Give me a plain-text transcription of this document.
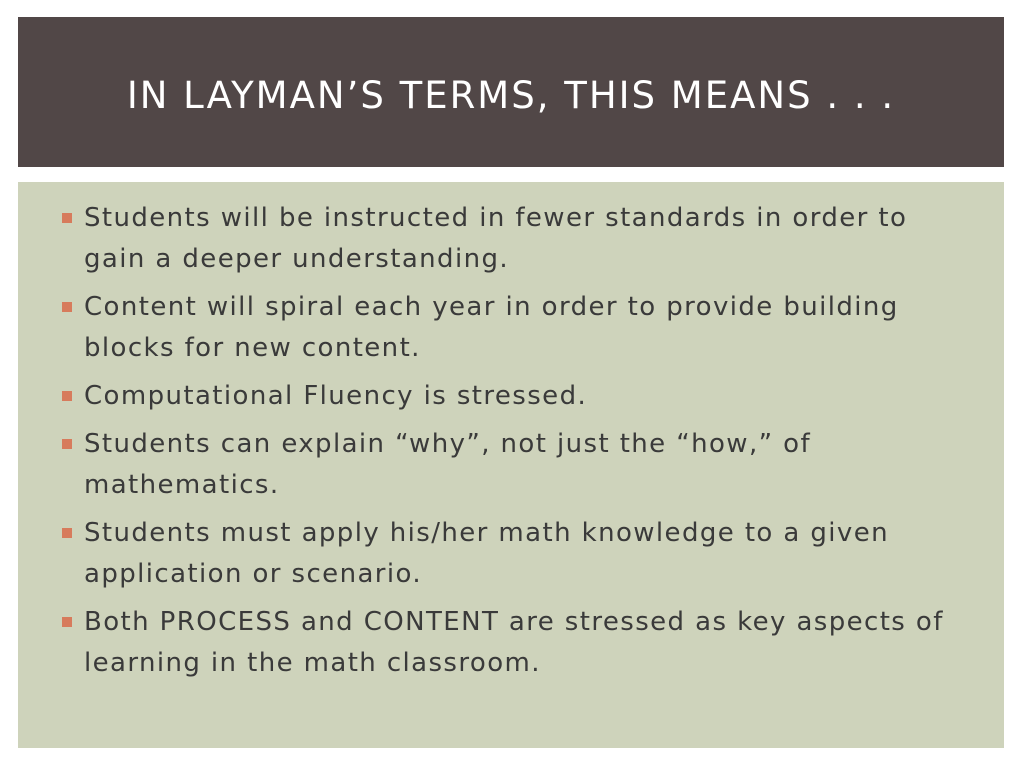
IN LAYMAN’S TERMS, THIS MEANS . . .
Students will be instructed in fewer standards in order to gain a deeper understanding.
Content will spiral each year in order to provide building blocks for new content.
Computational Fluency is stressed.
Students can explain “why”, not just the “how,” of mathematics.
Students must apply his/her math knowledge to a given application or scenario.
Both PROCESS and CONTENT are stressed as key aspects of learning in the math classroom.
